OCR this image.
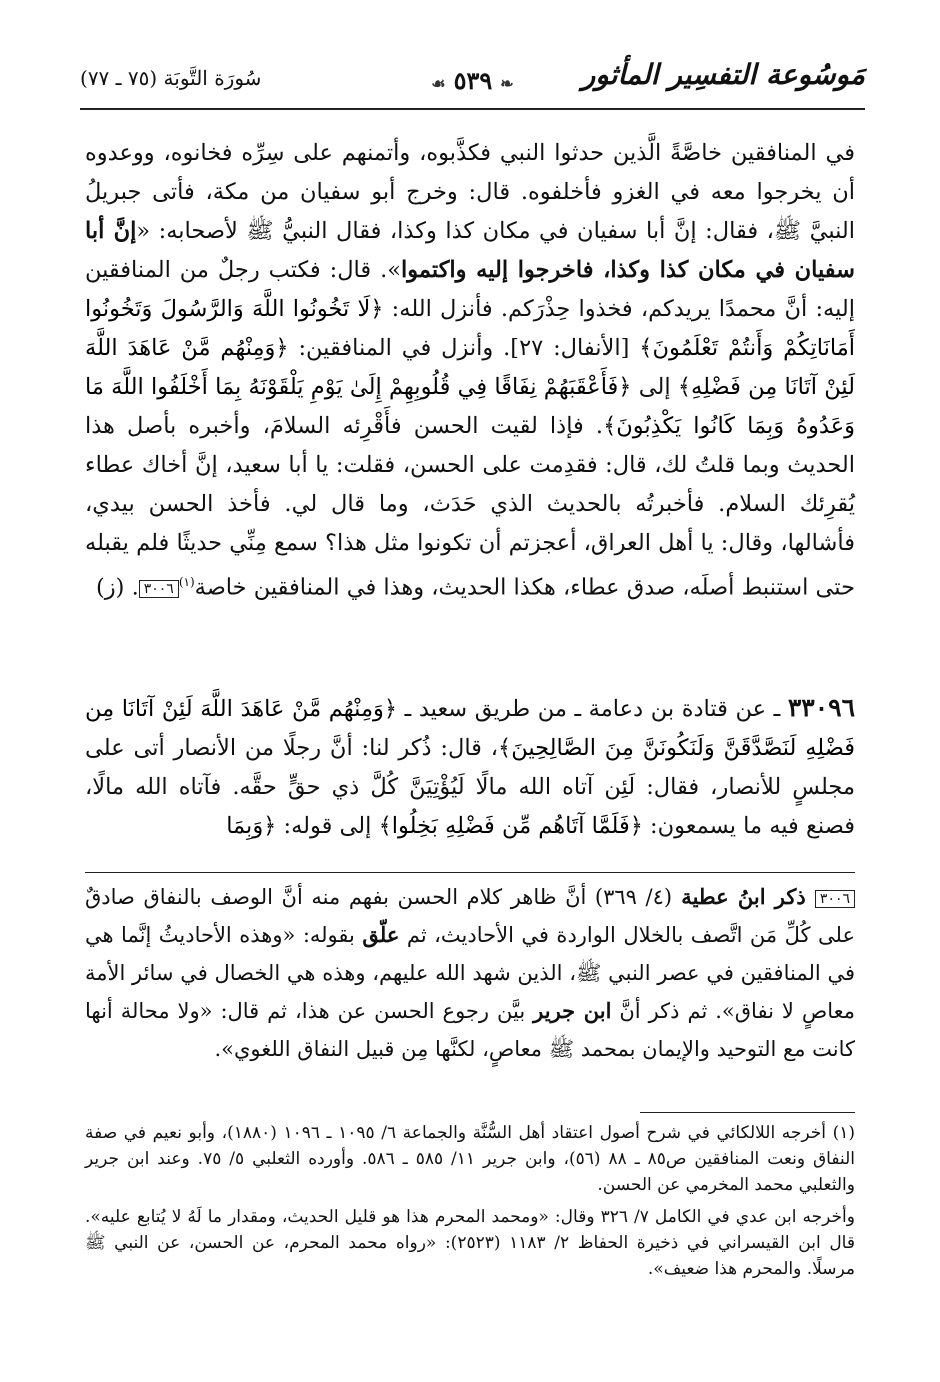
مَوسُوعة التفسِير المأثور
❧٥٣٩☙
سُورَة التَّوبَة (٧٥ ـ ٧٧)

في المنافقين خاصَّةً الَّذين حدثوا النبي فكذَّبوه، وأتمنهم على سِرِّه فخانوه، ووعدوه أن يخرجوا معه في الغزو فأخلفوه. قال: وخرج أبو سفيان من مكة، فأتى جبريلُ النبيَّ ﷺ، فقال: إنَّ أبا سفيان في مكان كذا وكذا، فقال النبيُّ ﷺ لأصحابه: «إنَّ أبا سفيان في مكان كذا وكذا، فاخرجوا إليه واكتموا». قال: فكتب رجلٌ من المنافقين إليه: أنَّ محمدًا يريدكم، فخذوا حِذْرَكم. فأنزل الله: ﴿لَا تَخُونُوا اللَّهَ وَالرَّسُولَ وَتَخُونُوا أَمَانَاتِكُمْ وَأَنتُمْ تَعْلَمُونَ﴾ [الأنفال: ٢٧]. وأنزل في المنافقين: ﴿وَمِنْهُم مَّنْ عَاهَدَ اللَّهَ لَئِنْ آتَانَا مِن فَضْلِهِ﴾ إلى ﴿فَأَعْقَبَهُمْ نِفَاقًا فِي قُلُوبِهِمْ إِلَىٰ يَوْمِ يَلْقَوْنَهُ بِمَا أَخْلَفُوا اللَّهَ مَا وَعَدُوهُ وَبِمَا كَانُوا يَكْذِبُونَ﴾. فإذا لقيت الحسن فأَقْرِئه السلامَ، وأخبره بأصل هذا الحديث وبما قلتُ لك، قال: فقدِمت على الحسن، فقلت: يا أبا سعيد، إنَّ أخاك عطاء يُقرِئك السلام. فأخبرتُه بالحديث الذي حَدَث، وما قال لي. فأخذ الحسن بيدي، فأشالها، وقال: يا أهل العراق، أعجزتم أن تكونوا مثل هذا؟ سمع مِنِّي حديثًا فلم يقبله حتى استنبط أصلَه، صدق عطاء، هكذا الحديث، وهذا في المنافقين خاصة$^{(١)}$٣٠٠٦. (ز)

٣٣٠٩٦ ـ عن قتادة بن دعامة ـ من طريق سعيد ـ ﴿وَمِنْهُم مَّنْ عَاهَدَ اللَّهَ لَئِنْ آتَانَا مِن فَضْلِهِ لَنَصَّدَّقَنَّ وَلَنَكُونَنَّ مِنَ الصَّالِحِينَ﴾، قال: ذُكر لنا: أنَّ رجلًا من الأنصار أتى على مجلسٍ للأنصار، فقال: لَئِن آتاه الله مالًا لَيُؤْتِيَنَّ كُلَّ ذي حقٍّ حقَّه. فآتاه الله مالًا، فصنع فيه ما يسمعون: ﴿فَلَمَّا آتَاهُم مِّن فَضْلِهِ بَخِلُوا﴾ إلى قوله: ﴿وَبِمَا

٣٠٠٦ ذكر ابنُ عطية (٤/ ٣٦٩) أنَّ ظاهر كلام الحسن بفهم منه أنَّ الوصف بالنفاق صادقٌ على كُلِّ مَن اتَّصف بالخلال الواردة في الأحاديث، ثم علّق بقوله: «وهذه الأحاديثُ إنَّما هي في المنافقين في عصر النبي ﷺ، الذين شهد الله عليهم، وهذه هي الخصال في سائر الأمة معاصٍ لا نفاق». ثم ذكر أنَّ ابن جرير بيَّن رجوع الحسن عن هذا، ثم قال: «ولا محالة أنها كانت مع التوحيد والإيمان بمحمد ﷺ معاصٍ، لكنَّها مِن قبيل النفاق اللغوي».

(١) أخرجه اللالكائي في شرح أصول اعتقاد أهل السُّنَّة والجماعة ٦/ ١٠٩٥ ـ ١٠٩٦ (١٨٨٠)، وأبو نعيم في صفة النفاق ونعت المنافقين ص٨٥ ـ ٨٨ (٥٦)، وابن جرير ١١/ ٥٨٥ ـ ٥٨٦. وأورده الثعلبي ٥/ ٧٥. وعند ابن جرير والثعلبي محمد المخرمي عن الحسن.

وأخرجه ابن عدي في الكامل ٧/ ٣٢٦ وقال: «ومحمد المحرم هذا هو قليل الحديث، ومقدار ما لَهُ لا يُتابع عليه». قال ابن القيسراني في ذخيرة الحفاظ ٢/ ١١٨٣ (٢٥٢٣): «رواه محمد المحرم، عن الحسن، عن النبي ﷺ مرسلًا. والمحرم هذا ضعيف».
